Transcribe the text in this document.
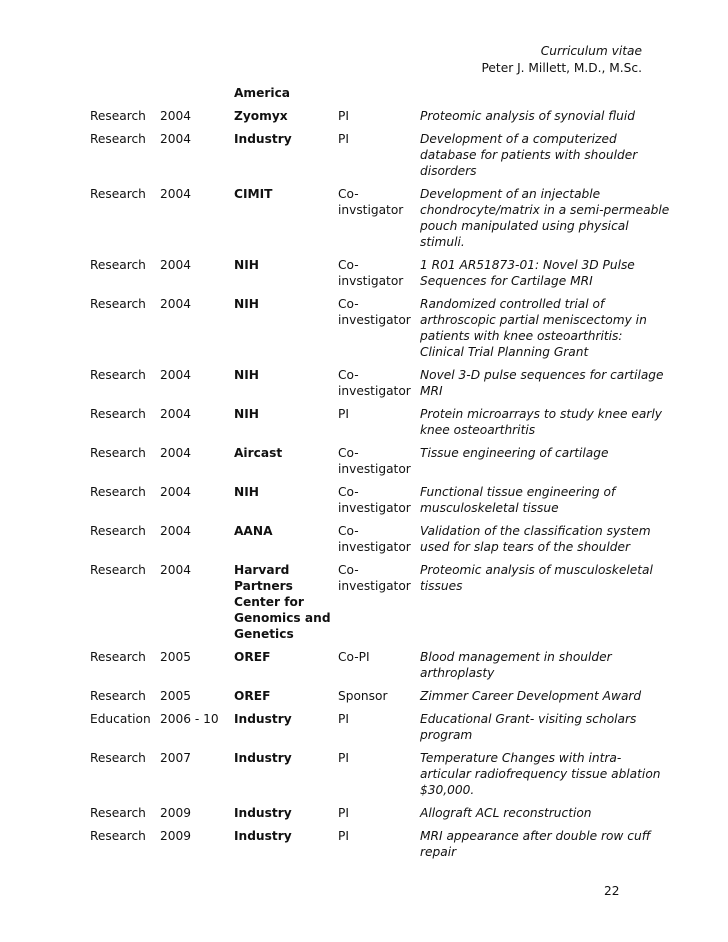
Curriculum vitae
Peter J. Millett, M.D., M.Sc.
America
Research	2004	Zyomyx	PI	Proteomic analysis of synovial fluid
Research	2004	Industry	PI	Development of a computerized database for patients with shoulder disorders
Research	2004	CIMIT	Co-invstigator	Development of an injectable chondrocyte/matrix in a semi-permeable pouch manipulated using physical stimuli.
Research	2004	NIH	Co-invstigator	1 R01 AR51873-01: Novel 3D Pulse Sequences for Cartilage MRI
Research	2004	NIH	Co-investigator	Randomized controlled trial of arthroscopic partial meniscectomy in patients with knee osteoarthritis: Clinical Trial Planning Grant
Research	2004	NIH	Co-investigator	Novel 3-D pulse sequences for cartilage MRI
Research	2004	NIH	PI	Protein microarrays to study knee early knee osteoarthritis
Research	2004	Aircast	Co-investigator	Tissue engineering of cartilage
Research	2004	NIH	Co-investigator	Functional tissue engineering of musculoskeletal tissue
Research	2004	AANA	Co-investigator	Validation of the classification system used for slap tears of the shoulder
Research	2004	Harvard Partners Center for Genomics and Genetics	Co-investigator	Proteomic analysis of musculoskeletal tissues
Research	2005	OREF	Co-PI	Blood management in shoulder arthroplasty
Research	2005	OREF	Sponsor	Zimmer Career Development Award
Education	2006 - 10	Industry	PI	Educational Grant- visiting scholars program
Research	2007	Industry	PI	Temperature Changes with intra-articular radiofrequency tissue ablation $30,000.
Research	2009	Industry	PI	Allograft ACL reconstruction
Research	2009	Industry	PI	MRI appearance after double row cuff repair
22
